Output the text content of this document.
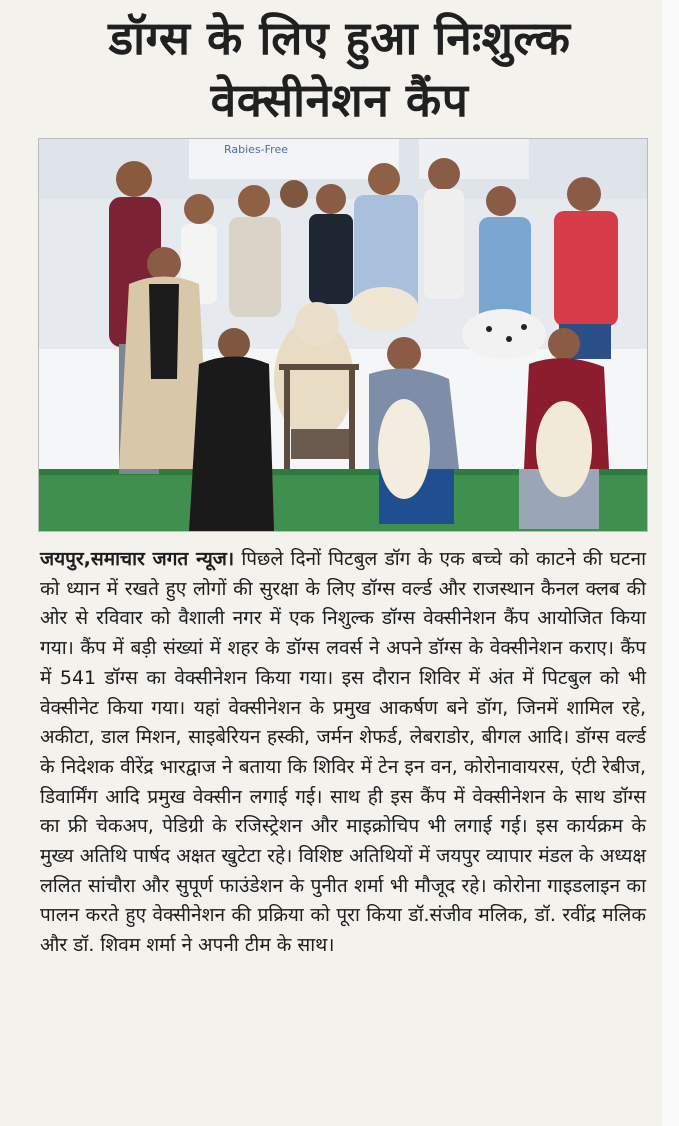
डॉग्स के लिए हुआ निःशुल्क
वेक्सीनेशन कैंप
Rabies-Free
जयपुर,समाचार जगत न्यूज। पिछले दिनों पिटबुल डॉग के एक बच्चे को काटने की घटना को ध्यान में रखते हुए लोगों की सुरक्षा के लिए डॉग्स वर्ल्ड और राजस्थान कैनल क्लब की ओर से रविवार को वैशाली नगर में एक निशुल्क डॉग्स वेक्सीनेशन कैंप आयोजित किया गया। कैंप में बड़ी संख्यां में शहर के डॉग्स लवर्स ने अपने डॉग्स के वेक्सीनेशन कराए। कैंप में 541 डॉग्स का वेक्सीनेशन किया गया। इस दौरान शिविर में अंत में पिटबुल को भी वेक्सीनेट किया गया। यहां वेक्सीनेशन के प्रमुख आकर्षण बने डॉग, जिनमें शामिल रहे, अकीटा, डाल मिशन, साइबेरियन हस्की, जर्मन शेफर्ड, लेबराडोर, बीगल आदि। डॉग्स वर्ल्ड के निदेशक वीरेंद्र भारद्वाज ने बताया कि शिविर में टेन इन वन, कोरोनावायरस, एंटी रेबीज, डिवार्मिंग आदि प्रमुख वेक्सीन लगाई गई। साथ ही इस कैंप में वेक्सीनेशन के साथ डॉग्स का फ्री चेकअप, पेडिग्री के रजिस्ट्रेशन और माइक्रोचिप भी लगाई गई। इस कार्यक्रम के मुख्य अतिथि पार्षद अक्षत खुटेटा रहे। विशिष्ट अतिथियों में जयपुर व्यापार मंडल के अध्यक्ष ललित सांचौरा और सुपूर्ण फाउंडेशन के पुनीत शर्मा भी मौजूद रहे। कोरोना गाइडलाइन का पालन करते हुए वेक्सीनेशन की प्रक्रिया को पूरा किया डॉ.संजीव मलिक, डॉ. रवींद्र मलिक और डॉ. शिवम शर्मा ने अपनी टीम के साथ।
